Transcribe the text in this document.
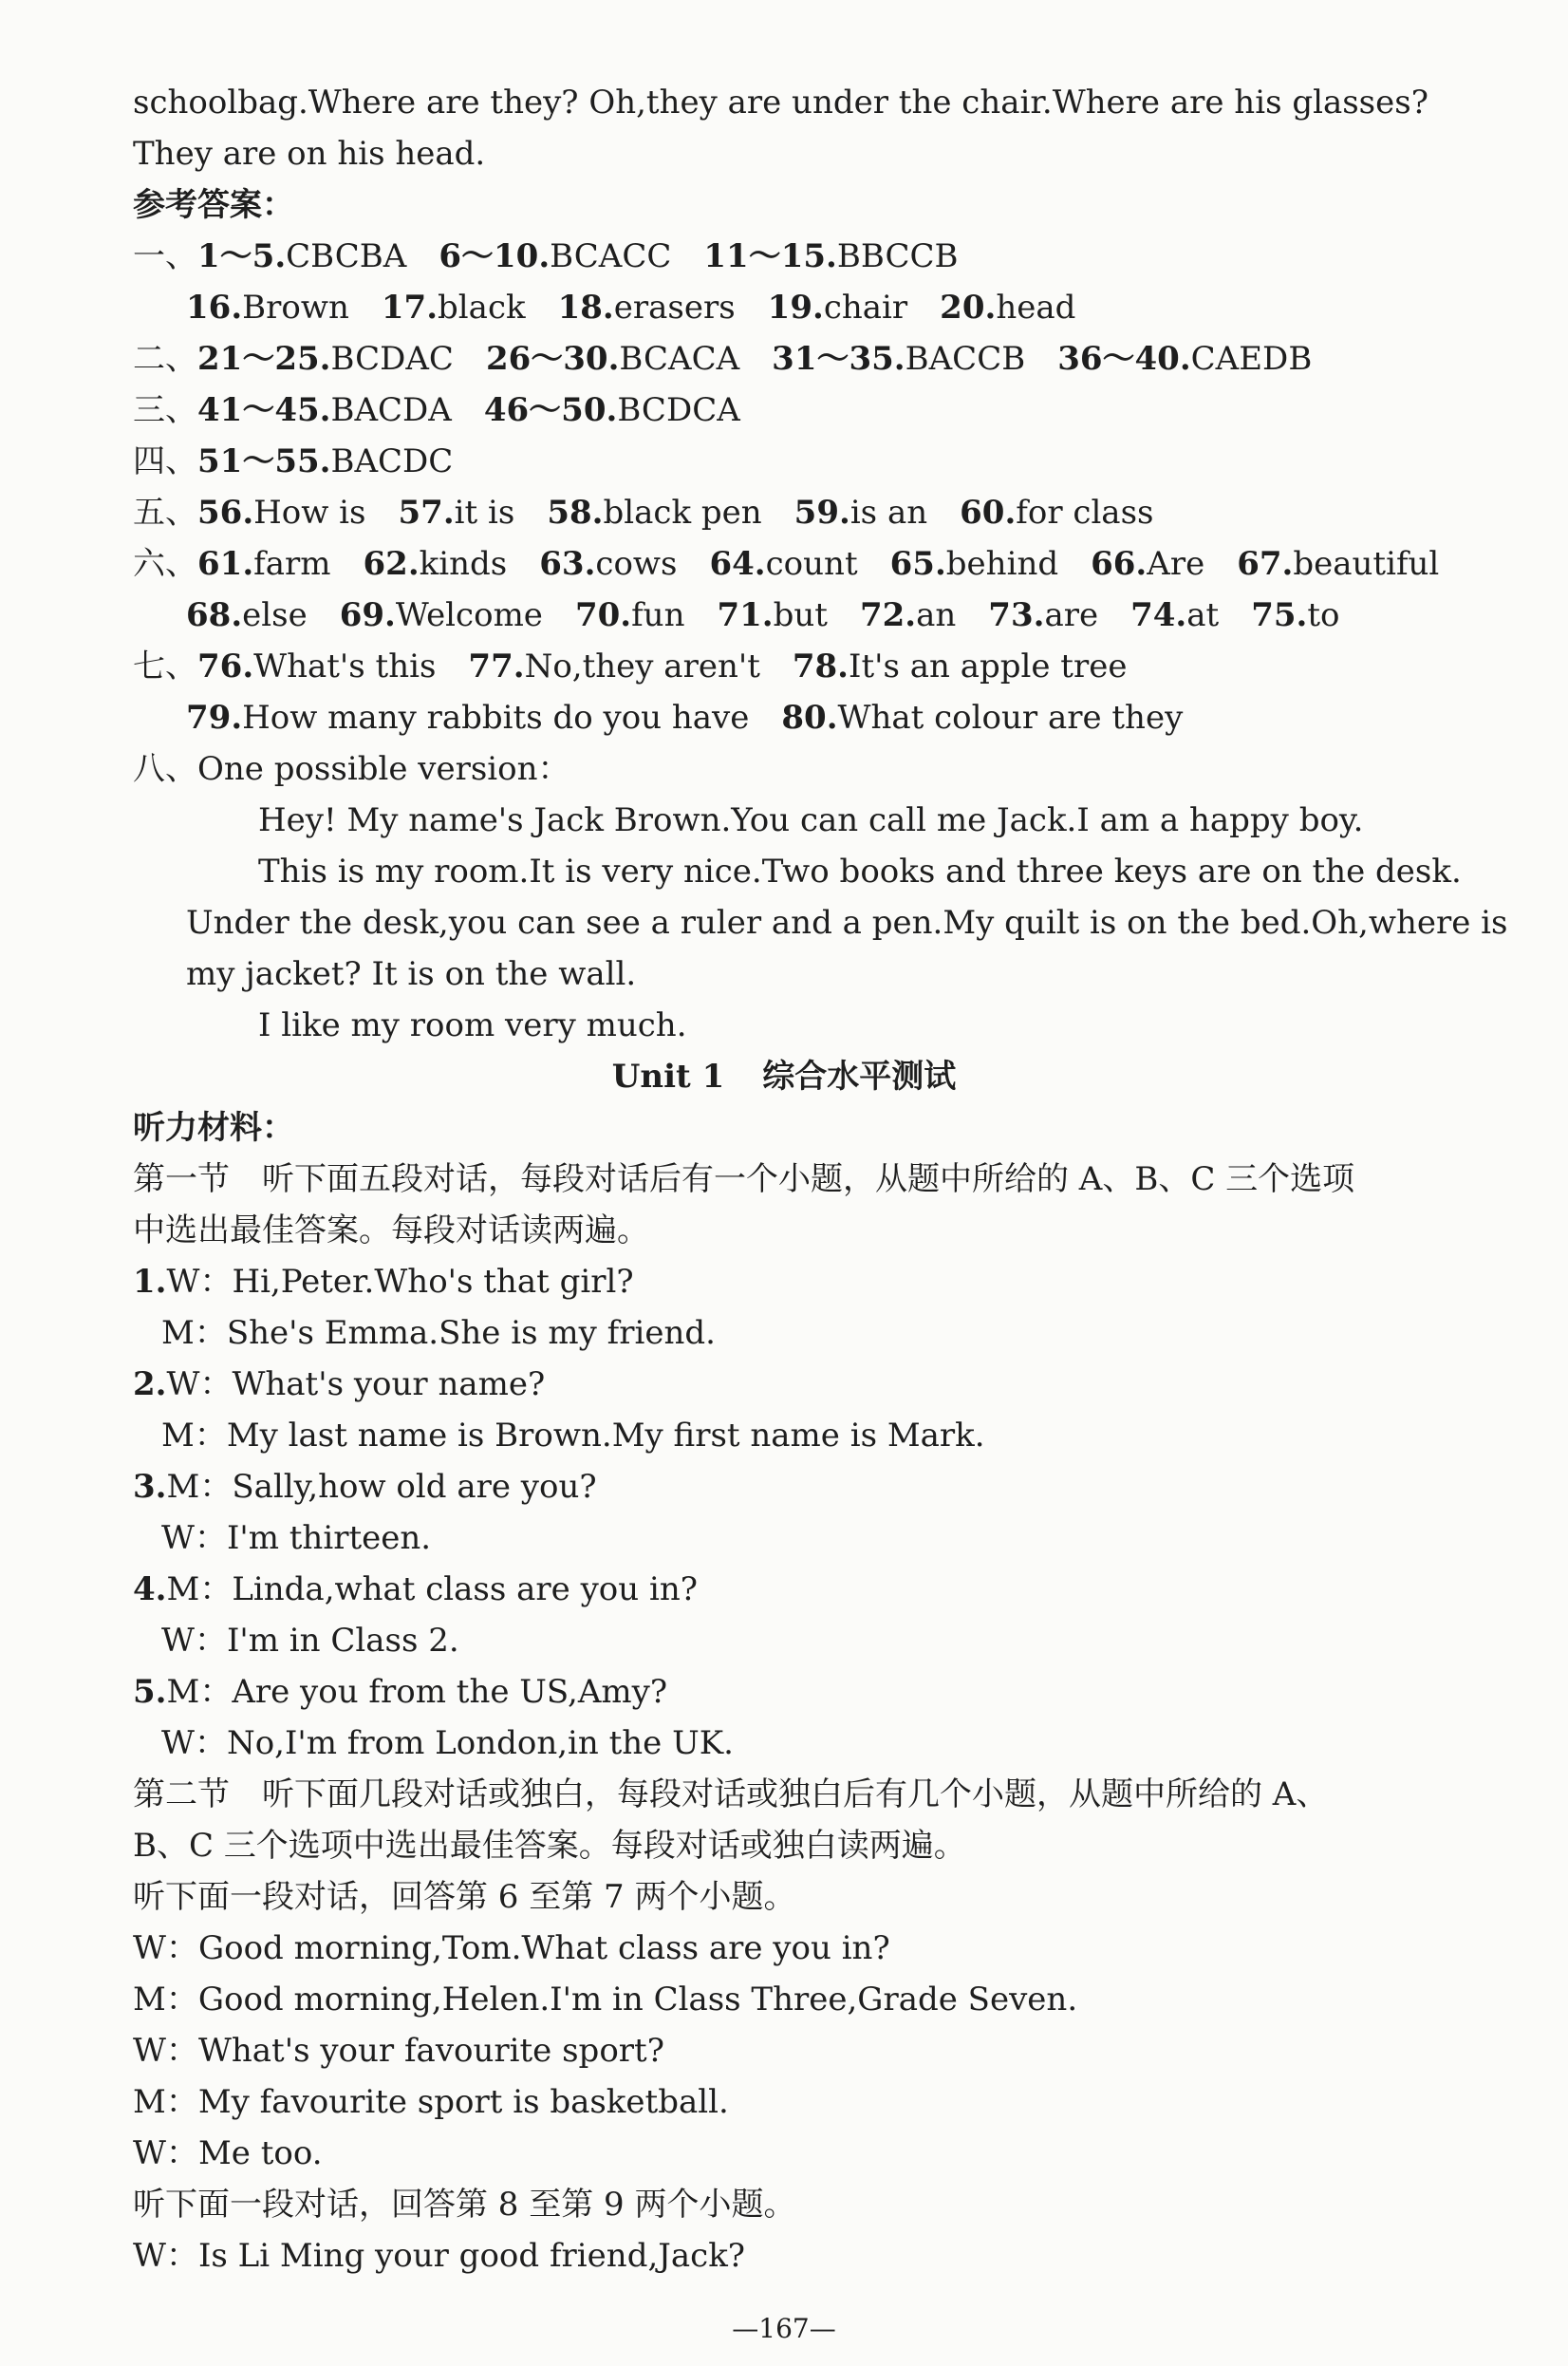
schoolbag.Where are they? Oh,they are under the chair.Where are his glasses?
They are on his head.
参考答案：
一、1～5.CBCBA 6～10.BCACC 11～15.BBCCB
16.Brown 17.black 18.erasers 19.chair 20.head
二、21～25.BCDAC 26～30.BCACA 31～35.BACCB 36～40.CAEDB
三、41～45.BACDA 46～50.BCDCA
四、51～55.BACDC
五、56.How is 57.it is 58.black pen 59.is an 60.for class
六、61.farm 62.kinds 63.cows 64.count 65.behind 66.Are 67.beautiful
68.else 69.Welcome 70.fun 71.but 72.an 73.are 74.at 75.to
七、76.What's this 77.No,they aren't 78.It's an apple tree
79.How many rabbits do you have 80.What colour are they
八、One possible version：
Hey! My name's Jack Brown.You can call me Jack.I am a happy boy.
This is my room.It is very nice.Two books and three keys are on the desk.
Under the desk,you can see a ruler and a pen.My quilt is on the bed.Oh,where is
my jacket? It is on the wall.
I like my room very much.
Unit 1 综合水平测试
听力材料：
第一节　听下面五段对话，每段对话后有一个小题，从题中所给的 A、B、C 三个选项
中选出最佳答案。每段对话读两遍。
1.W：Hi,Peter.Who's that girl?
M：She's Emma.She is my friend.
2.W：What's your name?
M：My last name is Brown.My first name is Mark.
3.M：Sally,how old are you?
W：I'm thirteen.
4.M：Linda,what class are you in?
W：I'm in Class 2.
5.M：Are you from the US,Amy?
W：No,I'm from London,in the UK.
第二节　听下面几段对话或独白，每段对话或独白后有几个小题，从题中所给的 A、
B、C 三个选项中选出最佳答案。每段对话或独白读两遍。
听下面一段对话，回答第 6 至第 7 两个小题。
W：Good morning,Tom.What class are you in?
M：Good morning,Helen.I'm in Class Three,Grade Seven.
W：What's your favourite sport?
M：My favourite sport is basketball.
W：Me too.
听下面一段对话，回答第 8 至第 9 两个小题。
W：Is Li Ming your good friend,Jack?
—167—
